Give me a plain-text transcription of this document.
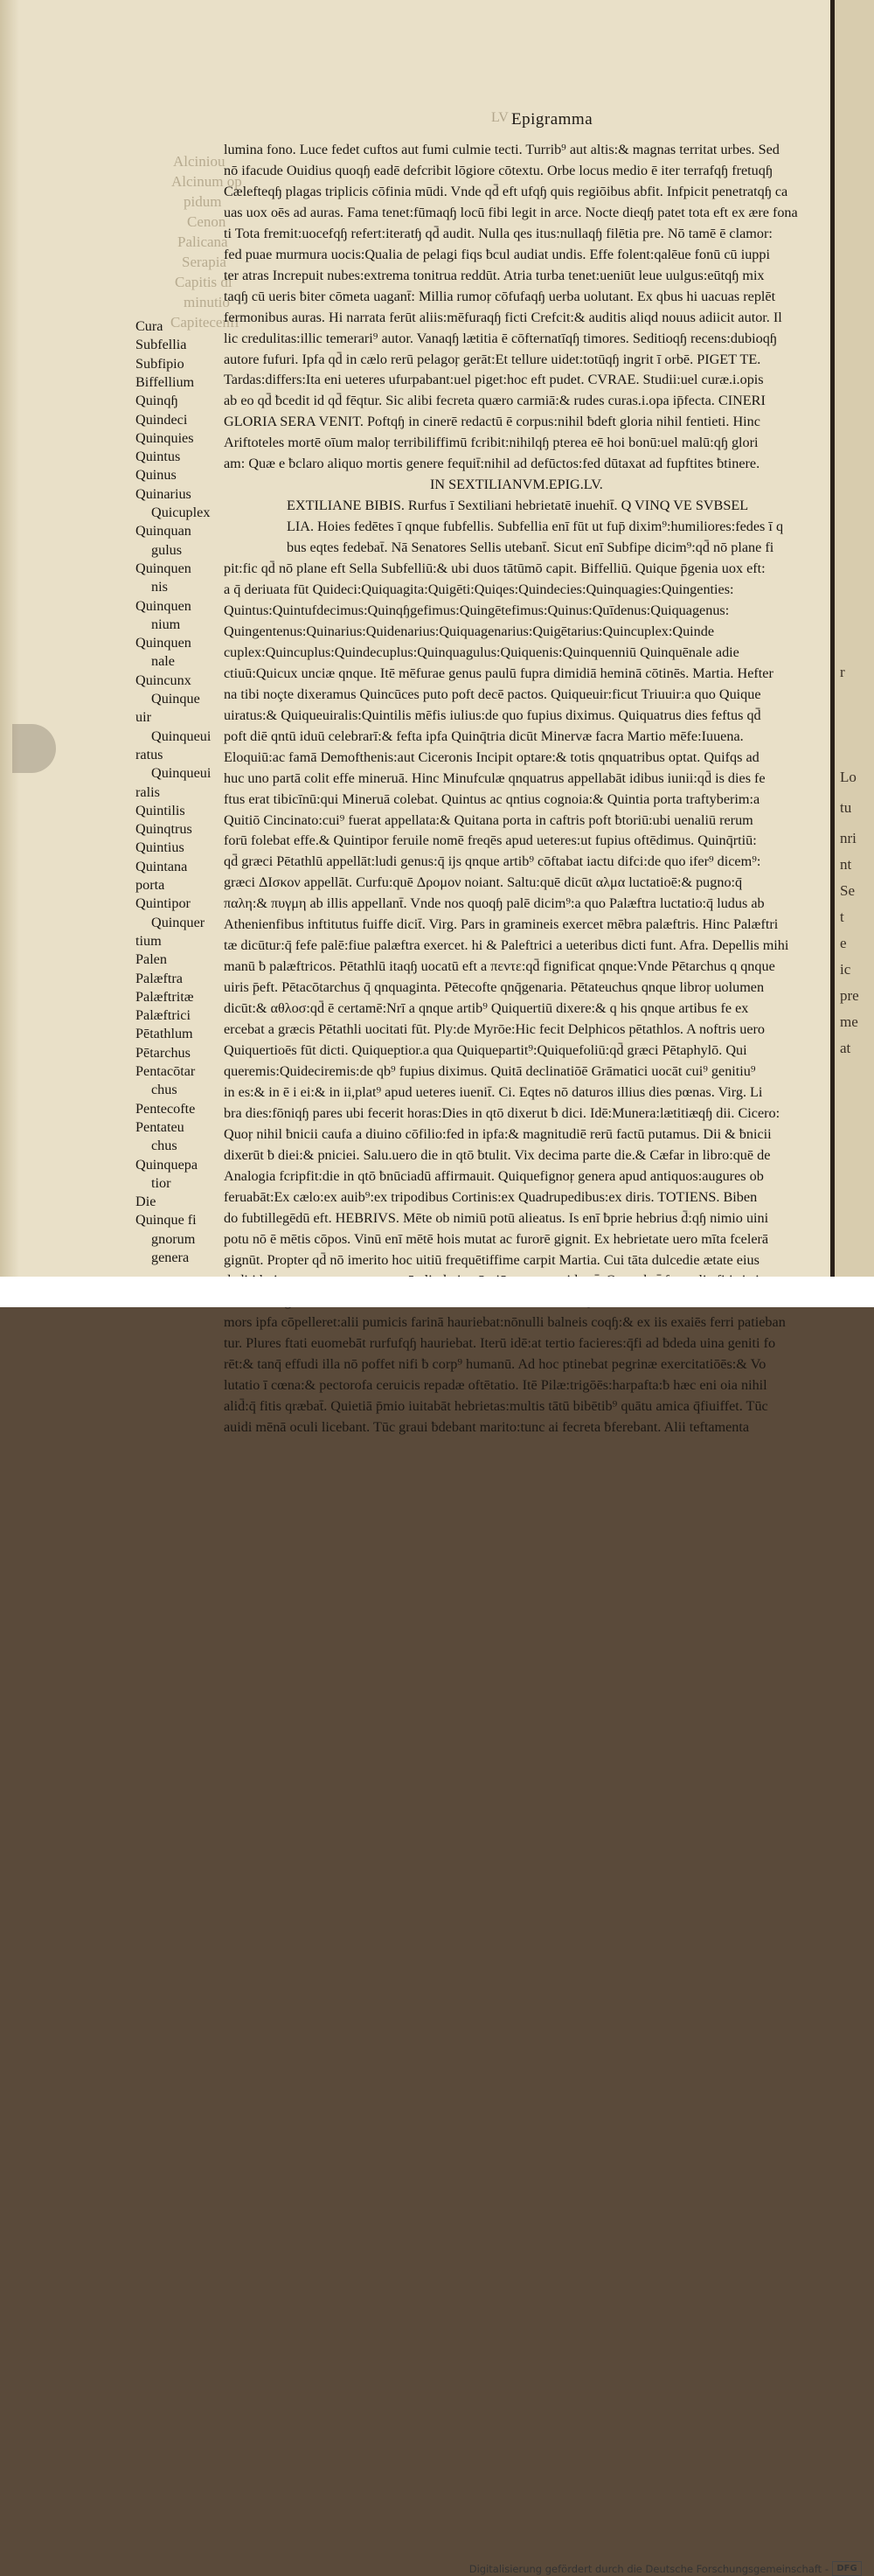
Alciniou
Alcinum op
pidum
Cenon
Palicana
Serapia
Capitis di
minutio
Capitecenfi
LV Epigramma
lumina fono. Luce fedet cuftos aut fumi culmie tecti. Turrib⁹ aut altis:& magnas territat urbes. Sed
nō ifacude Ouidius quoqɧ eadē defcribit lōgiore cōtextu. Orbe locus medio ē iter terrafqɧ fretuqɧ
Cælefteqɧ plagas triplicis cōfinia mūdi. Vnde qd̄ eft ufqɧ quis regiōibus abfit. Infpicit penetratqɧ ca
uas uox oēs ad auras. Fama tenet:fūmaqɧ locū fibi legit in arce. Nocte dieqɧ patet tota eft ex ære fona
ti Tota fremit:uocefqɧ refert:iteratɧ qd̄ audit. Nulla qes itus:nullaqɧ filētia pre. Nō tamē ē clamor:
fed puae murmura uocis:Qualia de pelagi fiqs ƀcul audiat undis. Effe folent:qalēue fonū cū iuppi
ter atras Increpuit nubes:extrema tonitrua reddūt. Atria turba tenet:ueniūt leue uulgus:eūtqɧ mix
taqɧ cū ueris ƀiter cōmeta uagant̄: Millia rumoŗ cōfufaqɧ uerba uolutant. Ex qbus hi uacuas replēt
fermonibus auras. Hi narrata ferūt aliis:mēfuraqɧ ficti Crefcit:& auditis aliqd nouus adiicit autor. Il
lic credulitas:illic temerari⁹ autor. Vanaqɧ lætitia ē cōfternatīqɧ timores. Seditioqɧ recens:dubioqɧ
autore fufuri. Ipfa qd̄ in cælo rerū pelagoŗ gerāt:Et tellure uidet:totūqɧ ingrit ī orbē. PIGET TE.
Tardas:differs:Ita eni ueteres ufurpabant:uel piget:hoc eft pudet. CVRAE. Studii:uel curæ.i.opis
ab eo qd̄ ƀcedit id qd̄ fēqtur. Sic alibi fecreta quæro carmiā:& rudes curas.i.opa ip̄fecta. CINERI
GLORIA SERA VENIT. Poftqɧ in cinerē redactū ē corpus:nihil ƀdeft gloria nihil fentieti. Hinc
Ariftoteles mortē oīum maloŗ terribiliffimū fcribit:nihilqɧ pterea eē hoi bonū:uel malū:qɧ glori
am: Quæ e ƀclaro aliquo mortis genere fequit̄:nihil ad defūctos:fed dūtaxat ad fupftites ƀtinere.
IN SEXTILIANVM.EPIG.LV.
EXTILIANE BIBIS. Rurfus ī Sextiliani hebrietatē inuehit̄. Q VINQ VE SVBSEL
LIA. Hoies fedētes ī qnque fubfellis. Subfellia enī fūt ut fup̄ dixim⁹:humiliores:fedes ī q
bus eqtes fedebat̄. Nā Senatores Sellis utebant̄. Sicut enī Subfipe dicim⁹:qd̄ nō plane fi
pit:fic qd̄ nō plane eft Sella Subfelliū:& ubi duos tātūmō capit. Biffelliū. Quique p̄genia uox eft:
a q̄ deriuata fūt Quideci:Quiquagita:Quigēti:Quiqes:Quindecies:Quinquagies:Quingenties:
Quintus:Quintufdecimus:Quinqɧgefimus:Quingētefimus:Quinus:Quīdenus:Quiquagenus:
Quingentenus:Quinarius:Quidenarius:Quiquagenarius:Quigētarius:Quincuplex:Quinde
cuplex:Quincuplus:Quindecuplus:Quinquagulus:Quiquenis:Quinquenniū Quinquēnale adie
ctiuū:Quicux unciæ qnque. Itē mēfurae genus paulū fupra dimidiā heminā cōtinēs. Martia. Hefter
na tibi noçte dixeramus Quincūces puto poft decē pactos. Quiqueuir:ficut Triuuir:a quo Quique
uiratus:& Quiqueuiralis:Quintilis mēfis iulius:de quo fupius diximus. Quiquatrus dies feftus qd̄
poft diē qntū iduū celebrarī:& fefta ipfa Quinq̄tria dicūt Minervæ facra Martio mēfe:Iuuena.
Eloquiū:ac famā Demofthenis:aut Ciceronis Incipit optare:& totis qnquatribus optat. Quifqs ad
huc uno partā colit effe mineruā. Hinc Minufculæ qnquatrus appellabāt idibus iunii:qd̄ is dies fe
ftus erat tibicīnū:qui Mineruā colebat. Quintus ac qntius cognoia:& Quintia porta traftyberim:a
Quitiō Cincinato:cui⁹ fuerat appellata:& Quitana porta in caftris poft ƀtoriū:ubi uenaliū rerum
forū folebat effe.& Quintipor feruile nomē freqēs apud ueteres:ut fupius oftēdimus. Quinq̄rtiū:
qd̄ græci Pētathlū appellāt:ludi genus:q̄ ijs qnque artib⁹ cōftabat iactu difci:de quo ifer⁹ dicem⁹:
græci ΔΙσκον appellāt. Curfu:quē Δρομον noiant. Saltu:quē dicūt αλμα luctatioē:& pugno:q̄
παλη:& πυγμη ab illis appellant̄. Vnde nos quoqɧ palē dicim⁹:a quo Palæftra luctatio:q̄ ludus ab
Athenienfibus inftitutus fuiffe dicit̄. Virg. Pars in gramineis exercet mēbra palæftris. Hinc Palæftri
tæ dicūtur:q̄ fefe palē:fiue palæftra exercet. hi & Paleftrici a ueteribus dicti funt. Afra. Depellis mihi
manū ƀ palæftricos. Pētathlū itaqɧ uocatū eft a πεντε:qd̄ fignificat qnque:Vnde Pētarchus q qnque
uiris p̄eft. Pētacōtarchus q̄ qnquaginta. Pētecofte qnq̄genaria. Pētateuchus qnque libroŗ uolumen
dicūt:& αθλοσ:qd̄ ē certamē:Nrī a qnque artib⁹ Quiquertiū dixere:& q his qnque artibus fe ex
ercebat a græcis Pētathli uocitati fūt. Ply:de Myrōe:Hic fecit Delphicos pētathlos. A noftris uero
Quiquertioēs fūt dicti. Quiqueptior.a qua Quiquepartit⁹:Quiquefoliū:qd̄ græci Pētaphylō. Qui
queremis:Quideciremis:de qb⁹ fupius diximus. Quitā declinatiōē Grāmatici uocāt cui⁹ genitiu⁹
in es:& in ē i ei:& in ii,plat⁹ apud ueteres iuenit̄. Ci. Eqtes nō daturos illius dies pœnas. Virg. Li
bra dies:fōniqɧ pares ubi fecerit horas:Dies in qtō dixerut ƀ dici. Idē:Munera:lætitiæqɧ dii. Cicero:
Quoŗ nihil ƀnicii caufa a diuino cōfilio:fed in ipfa:& magnitudiē rerū factū putamus. Dii & ƀnicii
dixerūt ƀ diei:& pniciei. Salu.uero die in qtō ƀtulit. Vix decima parte die.& Cæfar in libro:quē de
Analogia fcripfit:die in qtō ƀnūciadū affirmauit. Quiquefignoŗ genera apud antiquos:augures ob
feruabāt:Ex cælo:ex auib⁹:ex tripodibus Cortinis:ex Quadrupedibus:ex diris. TOTIENS. Biben
do fubtillegēdū eft. HEBRIVS. Mēte ob nimiū potū alieatus. Is enī ƀprie hebrius d̄:qɧ nimio uini
potu nō ē mētis cōpos. Vinū enī mētē hois mutat ac furorē gignit. Ex hebrietate uero mīta fcelerā
gignūt. Propter qd̄ nō imerito hoc uitiū frequētiffime carpit Martia. Cui tāta dulcedie ætate eius
mors ipfa cōpelleret:alii pumicis farinā hauriebat:nōnulli balneis coqɧ:& ex iis exaiēs ferri patieban
tur. Plures ftati euomebāt rurfufqɧ hauriebat. Iterū idē:at tertio facieres:q̄fi ad ƀdeda uina geniti fo
rēt:& tanq̄ effudi illa nō poffet nifi ƀ corp⁹ humanū. Ad hoc ptinebat pegrinæ exercitatiōēs:& Vo
lutatio ī cœna:& pectorofa ceruicis repadæ oftētatio. Itē Pilæ:trigōēs:harpafta:ƀ hæc eni oia nihil
alid̄:q̄ fitis qræbat̄. Quietiā p̄mio iuitabāt hebrietas:multis tātū bibētib⁹ quātu amica q̄fiuiffet. Tūc
auidi mēnā oculi licebant. Tūc graui ƀdebant marito:tunc ai fecreta ƀferebant. Alii teftamenta
Cura
Subfellia
Subfipio
Biffellium
Quinqɧ
Quindeci
Quinquies
Quintus
Quinus
Quinarius
Quicuplex
Quinquan
gulus
Quinquen
nis
Quinquen
nium
Quinquen
nale
Quincunx
Quinque
uir
Quinqueui
ratus
Quinqueui
ralis
Quintilis
Quinqtrus
Quintius
Quintana
porta
Quintipor
Quinquer
tium
Palen
Palæftra
Palæftritæ
Palæftrici
Pētathlum
Pētarchus
Pentacōtar
chus
Pentecofte
Pentateu
chus
Quinquepa
tior
Die
Quinque fi
gnorum
genera
r
Lo
tu
nri
nt
Se
t
e
ic
pre
me
at
Digitalisierung gefördert durch die Deutsche Forschungsgemeinschaft - DFG
